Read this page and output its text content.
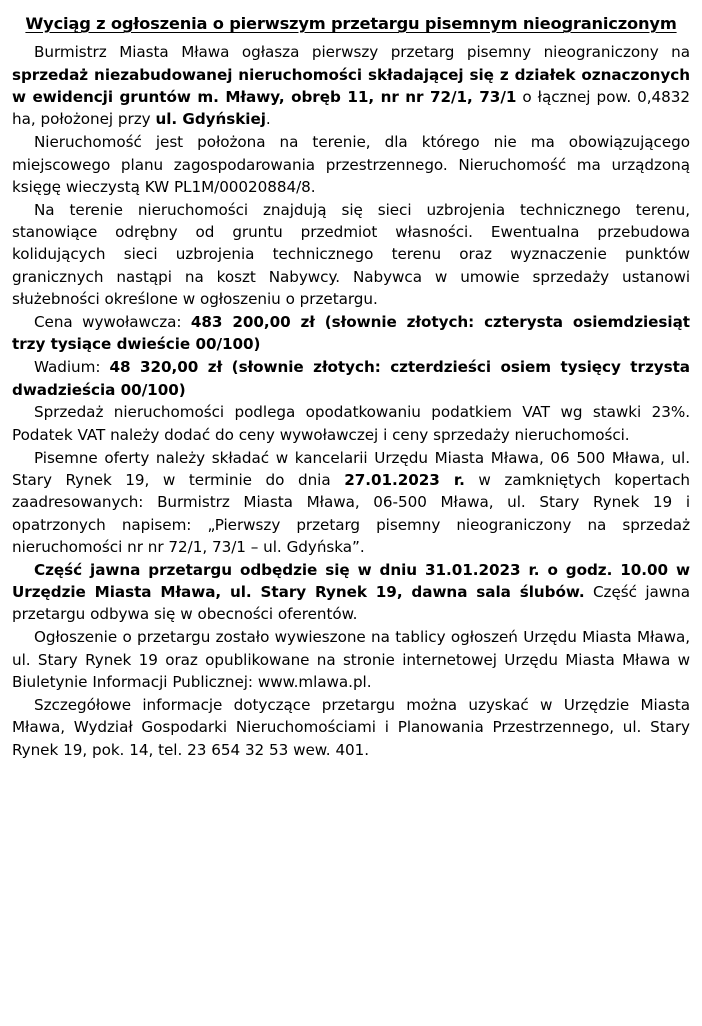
Wyciąg z ogłoszenia o pierwszym przetargu pisemnym nieograniczonym

Burmistrz Miasta Mława ogłasza pierwszy przetarg pisemny nieograniczony na sprzedaż niezabudowanej nieruchomości składającej się z działek oznaczonych w ewidencji gruntów m. Mławy, obręb 11, nr nr 72/1, 73/1 o łącznej pow. 0,4832 ha, położonej przy ul. Gdyńskiej.

Nieruchomość jest położona na terenie, dla którego nie ma obowiązującego miejscowego planu zagospodarowania przestrzennego. Nieruchomość ma urządzoną księgę wieczystą KW PL1M/00020884/8.

Na terenie nieruchomości znajdują się sieci uzbrojenia technicznego terenu, stanowiące odrębny od gruntu przedmiot własności. Ewentualna przebudowa kolidujących sieci uzbrojenia technicznego terenu oraz wyznaczenie punktów granicznych nastąpi na koszt Nabywcy. Nabywca w umowie sprzedaży ustanowi służebności określone w ogłoszeniu o przetargu.

Cena wywoławcza: 483 200,00 zł (słownie złotych: czterysta osiemdziesiąt trzy tysiące dwieście 00/100)

Wadium: 48 320,00 zł (słownie złotych: czterdzieści osiem tysięcy trzysta dwadzieścia 00/100)

Sprzedaż nieruchomości podlega opodatkowaniu podatkiem VAT wg stawki 23%. Podatek VAT należy dodać do ceny wywoławczej i ceny sprzedaży nieruchomości.

Pisemne oferty należy składać w kancelarii Urzędu Miasta Mława, 06 500 Mława, ul. Stary Rynek 19, w terminie do dnia 27.01.2023 r. w zamkniętych kopertach zaadresowanych: Burmistrz Miasta Mława, 06-500 Mława, ul. Stary Rynek 19 i opatrzonych napisem: „Pierwszy przetarg pisemny nieograniczony na sprzedaż nieruchomości nr nr 72/1, 73/1 – ul. Gdyńska”.

Część jawna przetargu odbędzie się w dniu 31.01.2023 r. o godz. 10.00 w Urzędzie Miasta Mława, ul. Stary Rynek 19, dawna sala ślubów. Część jawna przetargu odbywa się w obecności oferentów.

Ogłoszenie o przetargu zostało wywieszone na tablicy ogłoszeń Urzędu Miasta Mława, ul. Stary Rynek 19 oraz opublikowane na stronie internetowej Urzędu Miasta Mława w Biuletynie Informacji Publicznej: www.mlawa.pl.

Szczegółowe informacje dotyczące przetargu można uzyskać w Urzędzie Miasta Mława, Wydział Gospodarki Nieruchomościami i Planowania Przestrzennego, ul. Stary Rynek 19, pok. 14, tel. 23 654 32 53 wew. 401.
